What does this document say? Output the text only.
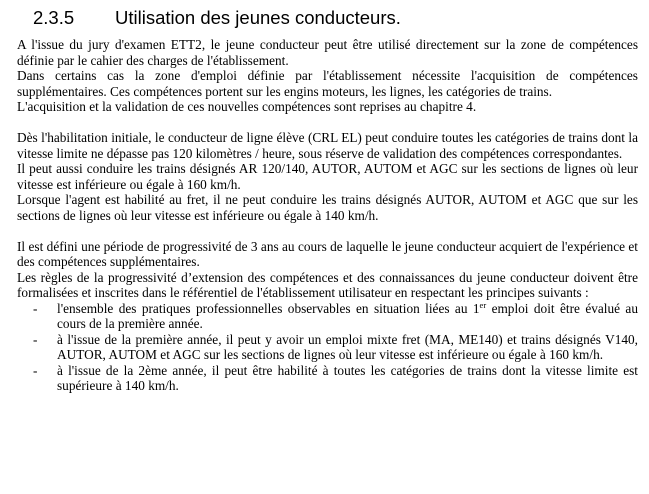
2.3.5	Utilisation des jeunes conducteurs.

A l'issue du jury d'examen ETT2, le jeune conducteur peut être utilisé directement sur la zone de compétences définie par le cahier des charges de l'établissement.

Dans certains cas la zone d'emploi définie par l'établissement nécessite l'acquisition de compétences supplémentaires. Ces compétences portent sur les engins moteurs, les lignes, les catégories de trains.

L'acquisition et la validation de ces nouvelles compétences sont reprises au chapitre 4.

Dès l'habilitation initiale, le conducteur de ligne élève (CRL EL) peut conduire toutes les catégories de trains dont la vitesse limite ne dépasse pas 120 kilomètres / heure, sous réserve de validation des compétences correspondantes.

Il peut aussi conduire les trains désignés AR 120/140, AUTOR, AUTOM et AGC sur les sections de lignes où leur vitesse est inférieure ou égale à 160 km/h.

Lorsque l'agent est habilité au fret, il ne peut conduire les trains désignés AUTOR, AUTOM et AGC que sur les sections de lignes où leur vitesse est inférieure ou égale à 140 km/h.

Il est défini une période de progressivité de 3 ans au cours de laquelle le jeune conducteur acquiert de l'expérience et des compétences supplémentaires.

Les règles de la progressivité d’extension des compétences et des connaissances du jeune conducteur doivent être formalisées et inscrites dans le référentiel de l'établissement utilisateur en respectant les principes suivants :

- l'ensemble des pratiques professionnelles observables en situation liées au 1er emploi doit être évalué au cours de la première année.
- à l'issue de la première année, il peut y avoir un emploi mixte fret (MA, ME140) et trains désignés V140, AUTOR, AUTOM et AGC sur les sections de lignes où leur vitesse est inférieure ou égale à 160 km/h.
- à l'issue de la 2ème année, il peut être habilité à toutes les catégories de trains dont la vitesse limite est supérieure à 140 km/h.
